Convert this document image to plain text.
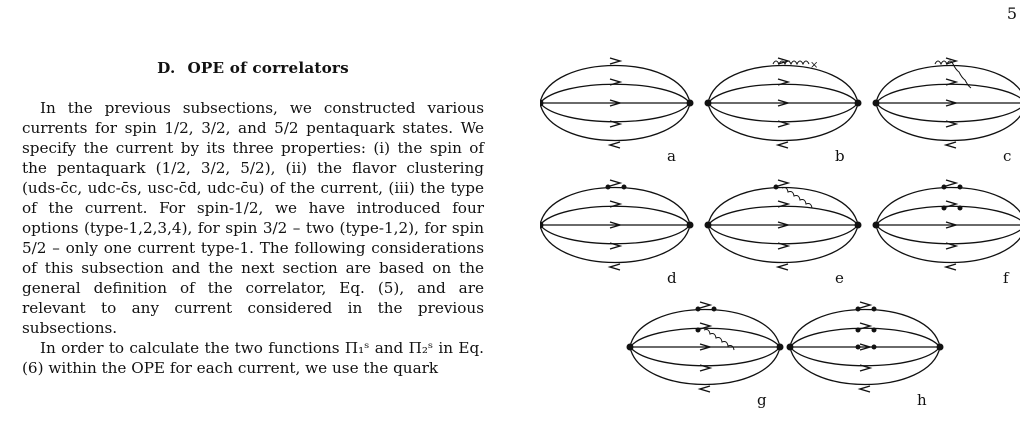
5
D. OPE of correlators

In the previous subsections, we constructed various currents for spin 1/2, 3/2, and 5/2 pentaquark states. We specify the current by its three properties: (i) the spin of the pentaquark (1/2, 3/2, 5/2), (ii) the flavor clustering (uds-c̄c, udc-c̄s, usc-c̄d, udc-c̄u) of the current, (iii) the type of the current. For spin-1/2, we have introduced four options (type-1,2,3,4), for spin 3/2 – two (type-1,2), for spin 5/2 – only one current type-1. The following considerations of this subsection and the next section are based on the general definition of the correlator, Eq. (5), and are relevant to any current considered in the previous subsections.

In order to calculate the two functions Π₁ˢ and Π₂ˢ in Eq. (6) within the OPE for each current, we use the quark

a
×
b	c
d	e	f
g	h
